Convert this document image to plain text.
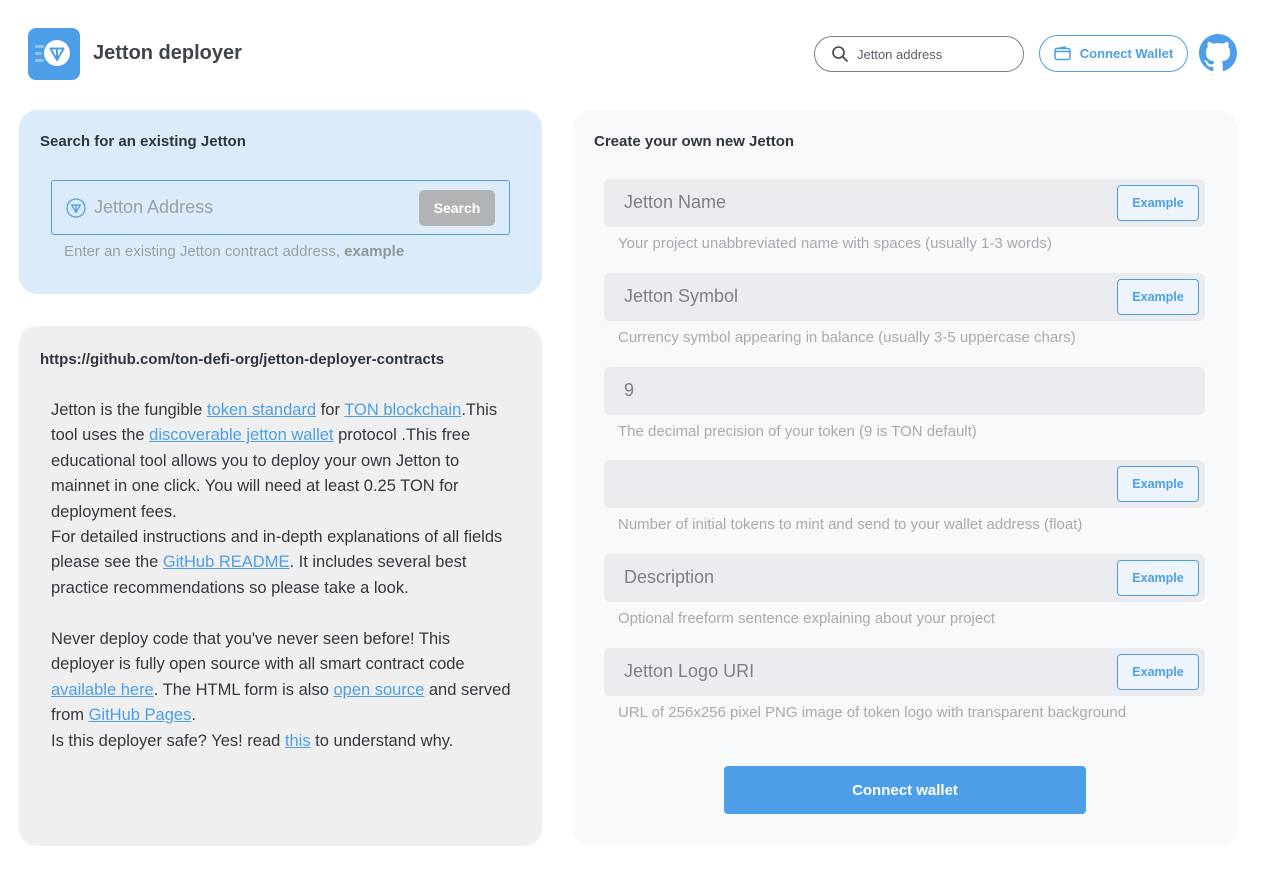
Jetton deployer	Jetton address	Connect Wallet
Search for an existing Jetton
Jetton Address	Search
Enter an existing Jetton contract address, example
https://github.com/ton-defi-org/jetton-deployer-contracts
Jetton is the fungible token standard for TON blockchain.This tool uses the discoverable jetton wallet protocol .This free educational tool allows you to deploy your own Jetton to mainnet in one click. You will need at least 0.25 TON for deployment fees.
For detailed instructions and in-depth explanations of all fields please see the GitHub README. It includes several best practice recommendations so please take a look.
Never deploy code that you've never seen before! This deployer is fully open source with all smart contract code available here. The HTML form is also open source and served from GitHub Pages.
Is this deployer safe? Yes! read this to understand why.
Create your own new Jetton
Jetton Name	Example
Your project unabbreviated name with spaces (usually 1-3 words)
Jetton Symbol	Example
Currency symbol appearing in balance (usually 3-5 uppercase chars)
9
The decimal precision of your token (9 is TON default)
Example
Number of initial tokens to mint and send to your wallet address (float)
Description	Example
Optional freeform sentence explaining about your project
Jetton Logo URI	Example
URL of 256x256 pixel PNG image of token logo with transparent background
Connect wallet
